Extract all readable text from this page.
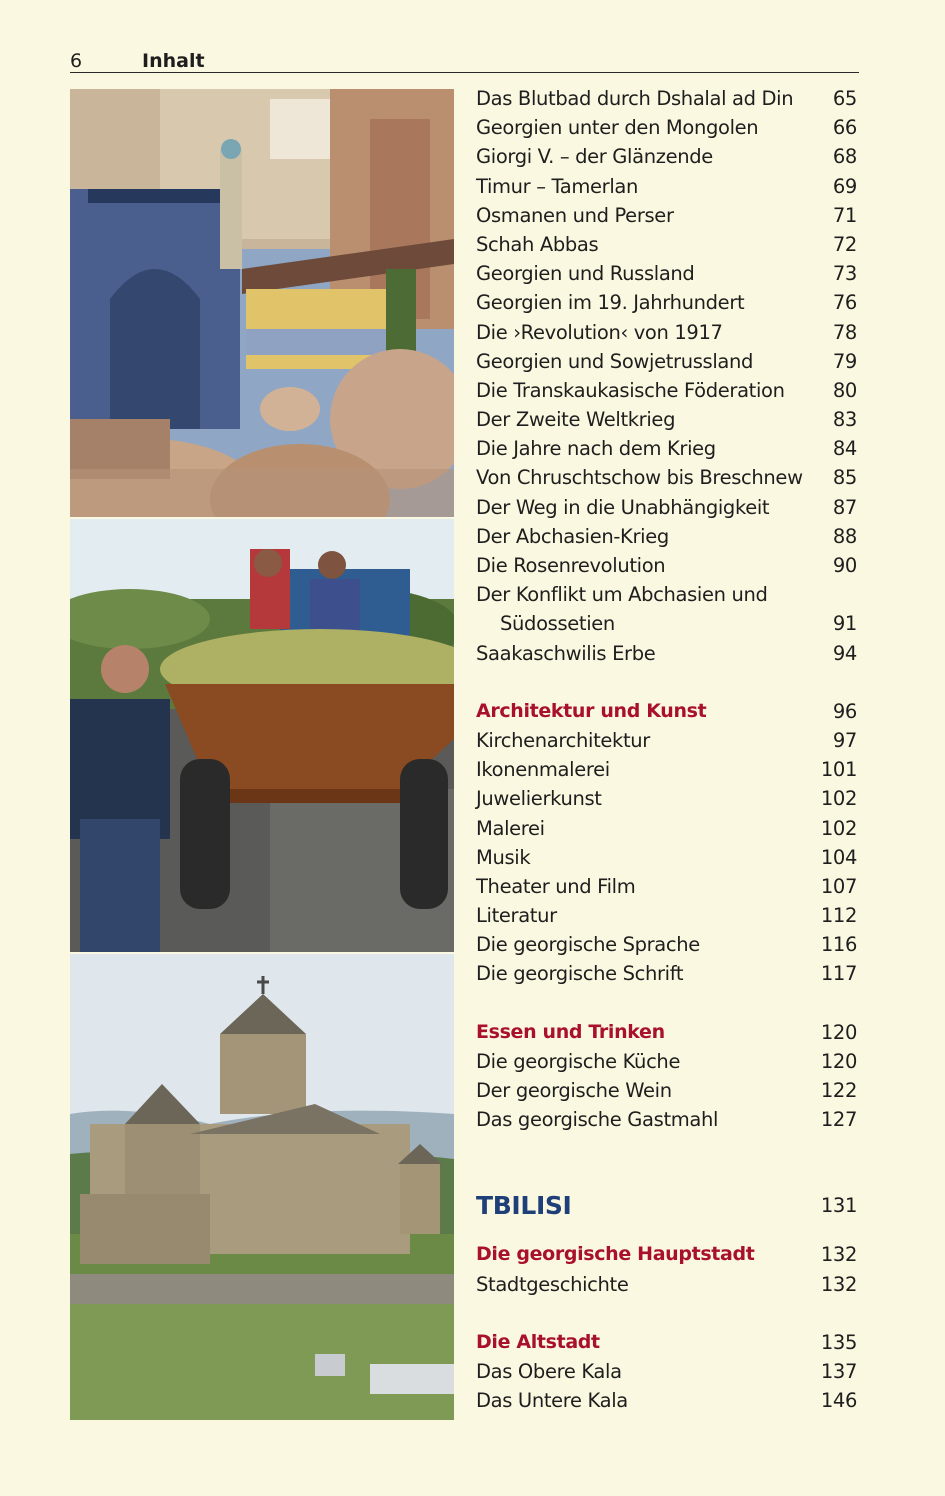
6	Inhalt
Das Blutbad durch Dshalal ad Din 65
Georgien unter den Mongolen	66
Giorgi V. – der Glänzende	68
Timur – Tamerlan	69
Osmanen und Perser	71
Schah Abbas	72
Georgien und Russland	73
Georgien im 19. Jahrhundert	76
Die ›Revolution‹ von 1917	78
Georgien und Sowjetrussland	79
Die Transkaukasische Föderation 80
Der Zweite Weltkrieg	83
Die Jahre nach dem Krieg	84
Von Chruschtschow bis Breschnew 85
Der Weg in die Unabhängigkeit	87
Der Abchasien-Krieg	88
Die Rosenrevolution	90
Der Konflikt um Abchasien und
Südossetien	91
Saakaschwilis Erbe	94
Architektur und Kunst	96
Kirchenarchitektur	97
Ikonenmalerei	101
Juwelierkunst	102
Malerei	102
Musik	104
Theater und Film	107
Literatur	112
Die georgische Sprache	116
Die georgische Schrift	117
Essen und Trinken	120
Die georgische Küche	120
Der georgische Wein	122
Das georgische Gastmahl	127
TBILISI	131
Die georgische Hauptstadt	132
Stadtgeschichte	132
Die Altstadt	135
Das Obere Kala	137
Das Untere Kala	146
